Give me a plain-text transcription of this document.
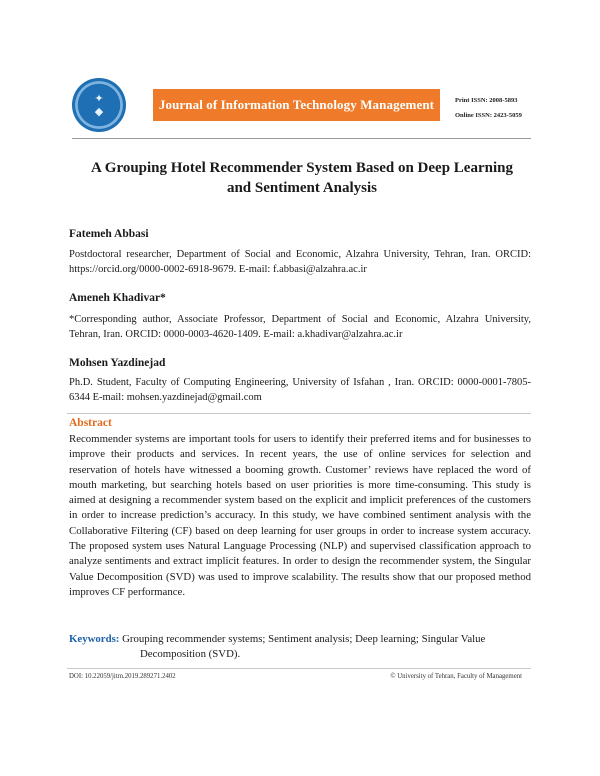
✦
◆	Journal of Information Technology Management	Print ISSN: 2008-5893
Online ISSN: 2423-5059
A Grouping Hotel Recommender System Based on Deep Learning
and Sentiment Analysis
Fatemeh Abbasi
Postdoctoral researcher, Department of Social and Economic, Alzahra University, Tehran, Iran. ORCID: https://orcid.org/0000-0002-6918-9679. E-mail: f.abbasi@alzahra.ac.ir
Ameneh Khadivar*
*Corresponding author, Associate Professor, Department of Social and Economic, Alzahra University, Tehran, Iran. ORCID: 0000-0003-4620-1409. E-mail: a.khadivar@alzahra.ac.ir
Mohsen Yazdinejad
Ph.D. Student, Faculty of Computing Engineering, University of Isfahan , Iran. ORCID: 0000-0001-7805-6344 E-mail: mohsen.yazdinejad@gmail.com
Abstract
Recommender systems are important tools for users to identify their preferred items and for businesses to improve their products and services. In recent years, the use of online services for selection and reservation of hotels have witnessed a booming growth. Customer’ reviews have replaced the word of mouth marketing, but searching hotels based on user priorities is more time-consuming. This study is aimed at designing a recommender system based on the explicit and implicit preferences of the customers in order to increase prediction’s accuracy. In this study, we have combined sentiment analysis with the Collaborative Filtering (CF) based on deep learning for user groups in order to increase system accuracy. The proposed system uses Natural Language Processing (NLP) and supervised classification approach to analyze sentiments and extract implicit features. In order to design the recommender system, the Singular Value Decomposition (SVD) was used to improve scalability. The results show that our proposed method improves CF performance.
Keywords: Grouping recommender systems; Sentiment analysis; Deep learning; Singular Value
Decomposition (SVD).
DOI: 10.22059/jitm.2019.289271.2402	© University of Tehran, Faculty of Management
